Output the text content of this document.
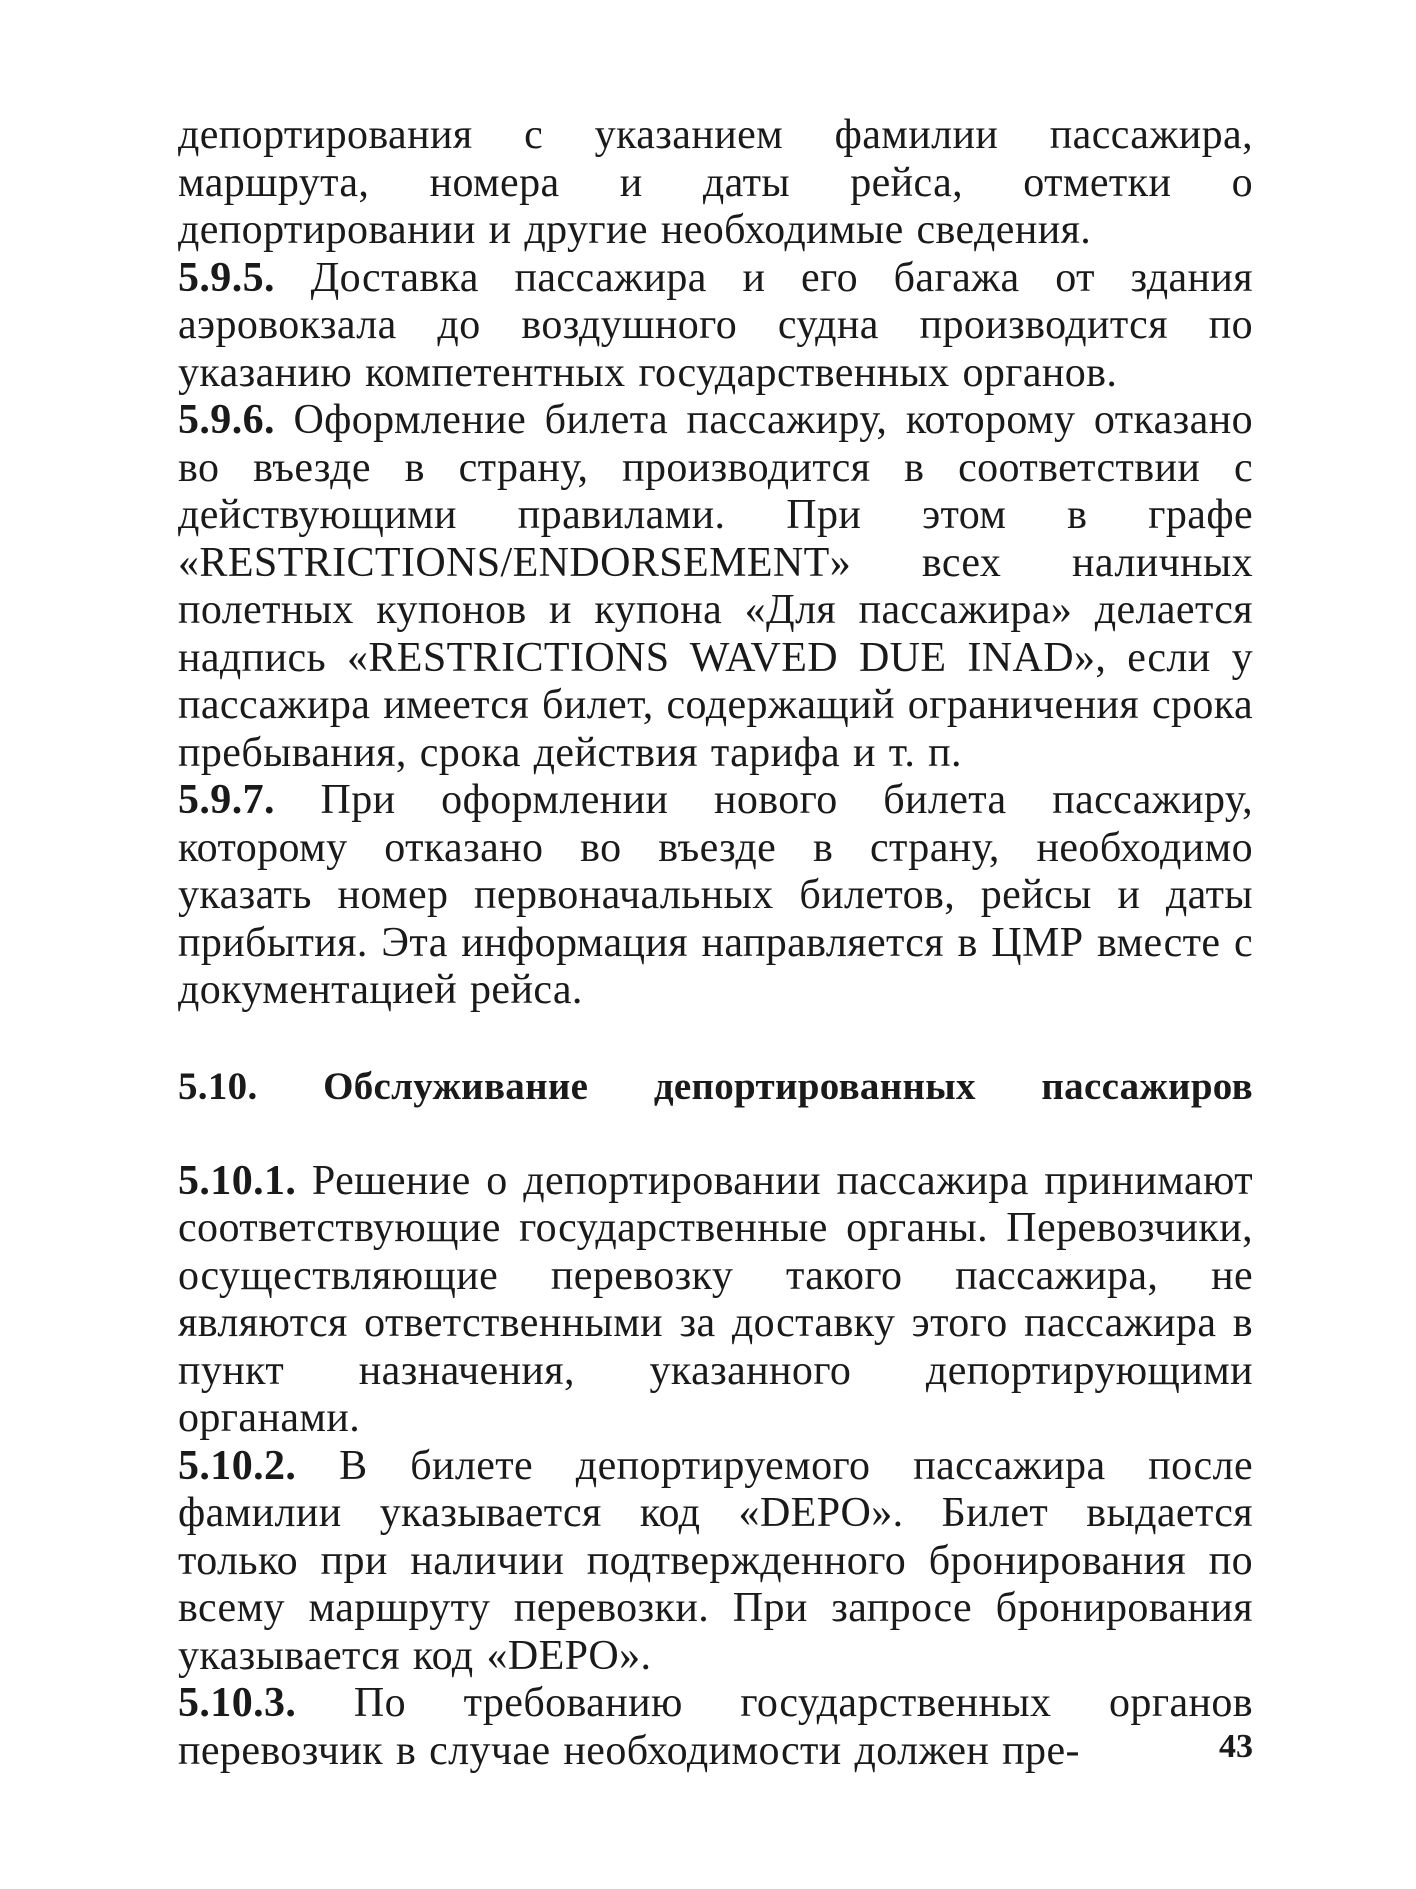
депортирования с указанием фамилии пассажира, маршрута, номера и даты рейса, отметки о депортировании и другие необходимые сведения.

5.9.5. Доставка пассажира и его багажа от здания аэровокзала до воздушного судна производится по указанию компетентных государственных органов.

5.9.6. Оформление билета пассажиру, которому отказано во въезде в страну, производится в соответствии с действующими правилами. При этом в графе «RESTRICTIONS/ENDORSEMENT» всех наличных полетных купонов и купона «Для пассажира» делается надпись «RESTRICTIONS WAVED DUE INAD», если у пассажира имеется билет, содержащий ограничения срока пребывания, срока действия тарифа и т. п.

5.9.7. При оформлении нового билета пассажиру, которому отказано во въезде в страну, необходимо указать номер первоначальных билетов, рейсы и даты прибытия. Эта информация направляется в ЦМР вместе с документацией рейса.

5.10. Обслуживание депортированных пассажиров

5.10.1. Решение о депортировании пассажира принимают соответствующие государственные органы. Перевозчики, осуществляющие перевозку такого пассажира, не являются ответственными за доставку этого пассажира в пункт назначения, указанного депортирующими органами.

5.10.2. В билете депортируемого пассажира после фамилии указывается код «DEPO». Билет выдается только при наличии подтвержденного бронирования по всему маршруту перевозки. При запросе бронирования указывается код «DEPO».

5.10.3. По требованию государственных органов перевозчик в случае необходимости должен пре-	43
